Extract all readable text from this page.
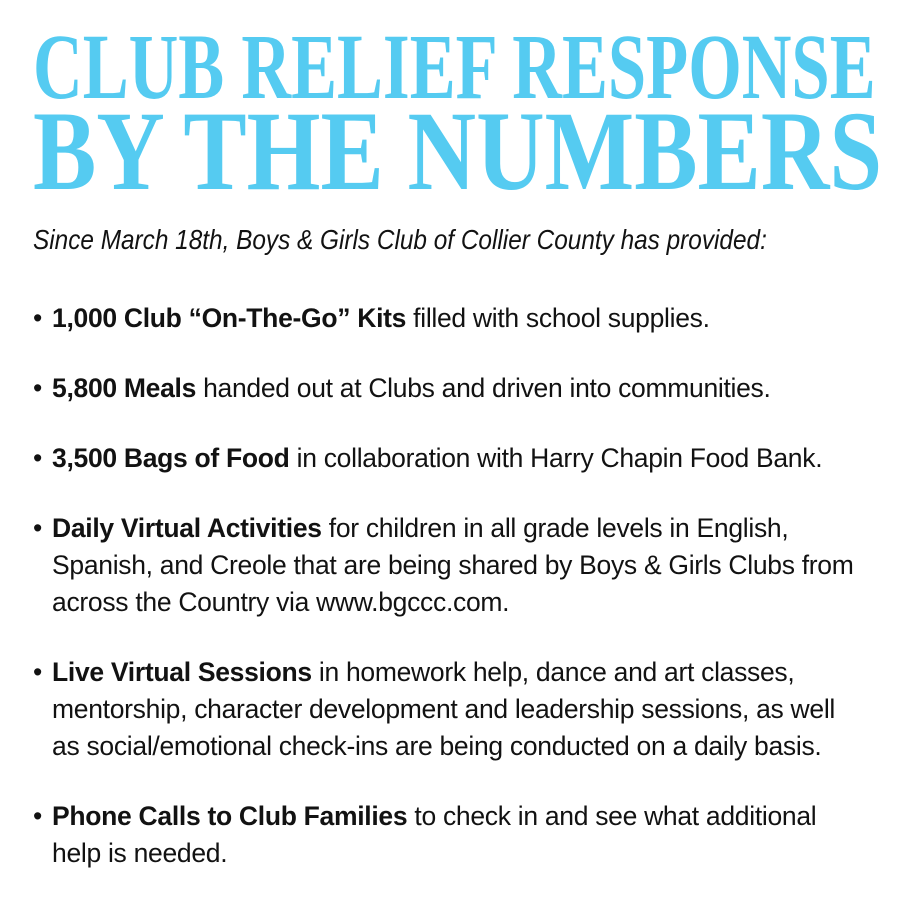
CLUB RELIEF RESPONSE
BY THE NUMBERS
Since March 18th, Boys & Girls Club of Collier County has provided:
• 1,000 Club “On-The-Go” Kits filled with school supplies.
• 5,800 Meals handed out at Clubs and driven into communities.
• 3,500 Bags of Food in collaboration with Harry Chapin Food Bank.
• Daily Virtual Activities for children in all grade levels in English,
Spanish, and Creole that are being shared by Boys & Girls Clubs from
across the Country via www.bgccc.com.
• Live Virtual Sessions in homework help, dance and art classes,
mentorship, character development and leadership sessions, as well
as social/emotional check-ins are being conducted on a daily basis.
• Phone Calls to Club Families to check in and see what additional
help is needed.
